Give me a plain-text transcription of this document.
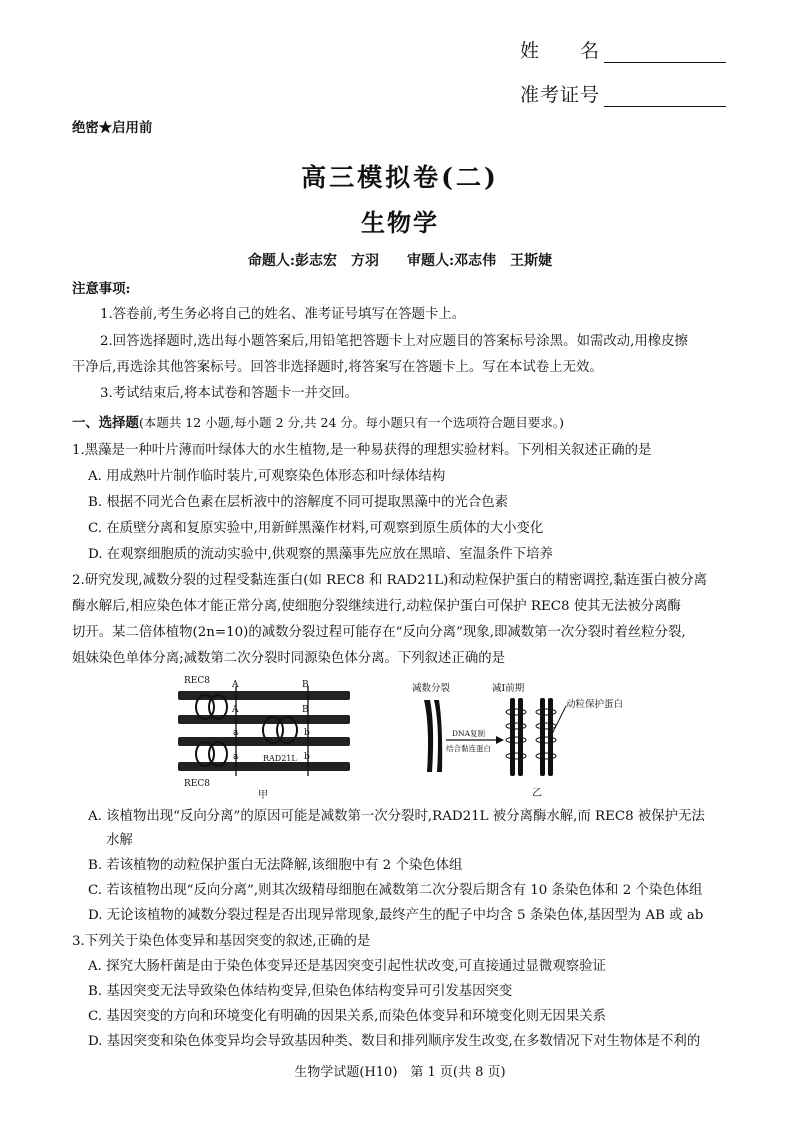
姓　　名
准考证号
绝密★启用前
高三模拟卷(二)
生物学
命题人:彭志宏　方羽　　审题人:邓志伟　王斯婕
注意事项:
1.答卷前,考生务必将自己的姓名、准考证号填写在答题卡上。
2.回答选择题时,选出每小题答案后,用铅笔把答题卡上对应题目的答案标号涂黑。如需改动,用橡皮擦
干净后,再选涂其他答案标号。回答非选择题时,将答案写在答题卡上。写在本试卷上无效。
3.考试结束后,将本试卷和答题卡一并交回。
一、选择题(本题共 12 小题,每小题 2 分,共 24 分。每小题只有一个选项符合题目要求。)
1.黑藻是一种叶片薄而叶绿体大的水生植物,是一种易获得的理想实验材料。下列相关叙述正确的是
A. 用成熟叶片制作临时装片,可观察染色体形态和叶绿体结构
B. 根据不同光合色素在层析液中的溶解度不同可提取黑藻中的光合色素
C. 在质壁分离和复原实验中,用新鲜黑藻作材料,可观察到原生质体的大小变化
D. 在观察细胞质的流动实验中,供观察的黑藻事先应放在黑暗、室温条件下培养
2.研究发现,减数分裂的过程受黏连蛋白(如 REC8 和 RAD21L)和动粒保护蛋白的精密调控,黏连蛋白被分离
酶水解后,相应染色体才能正常分离,使细胞分裂继续进行,动粒保护蛋白可保护 REC8 使其无法被分离酶
切开。某二倍体植物(2n=10)的减数分裂过程可能存在“反向分离”现象,即减数第一次分裂时着丝粒分裂,
姐妹染色单体分离;减数第二次分裂时同源染色体分离。下列叙述正确的是
REC8 A	B
A	B
a	b
a	b
RAD21L
REC8
甲
减数分裂	减Ⅰ前期
动粒保护蛋白
DNA复制
结合黏连蛋白
乙
A. 该植物出现“反向分离”的原因可能是减数第一次分裂时,RAD21L 被分离酶水解,而 REC8 被保护无法
水解
B. 若该植物的动粒保护蛋白无法降解,该细胞中有 2 个染色体组
C. 若该植物出现“反向分离”,则其次级精母细胞在减数第二次分裂后期含有 10 条染色体和 2 个染色体组
D. 无论该植物的减数分裂过程是否出现异常现象,最终产生的配子中均含 5 条染色体,基因型为 AB 或 ab
3.下列关于染色体变异和基因突变的叙述,正确的是
A. 探究大肠杆菌是由于染色体变异还是基因突变引起性状改变,可直接通过显微观察验证
B. 基因突变无法导致染色体结构变异,但染色体结构变异可引发基因突变
C. 基因突变的方向和环境变化有明确的因果关系,而染色体变异和环境变化则无因果关系
D. 基因突变和染色体变异均会导致基因种类、数目和排列顺序发生改变,在多数情况下对生物体是不利的
生物学试题(H10)　第 1 页(共 8 页)
